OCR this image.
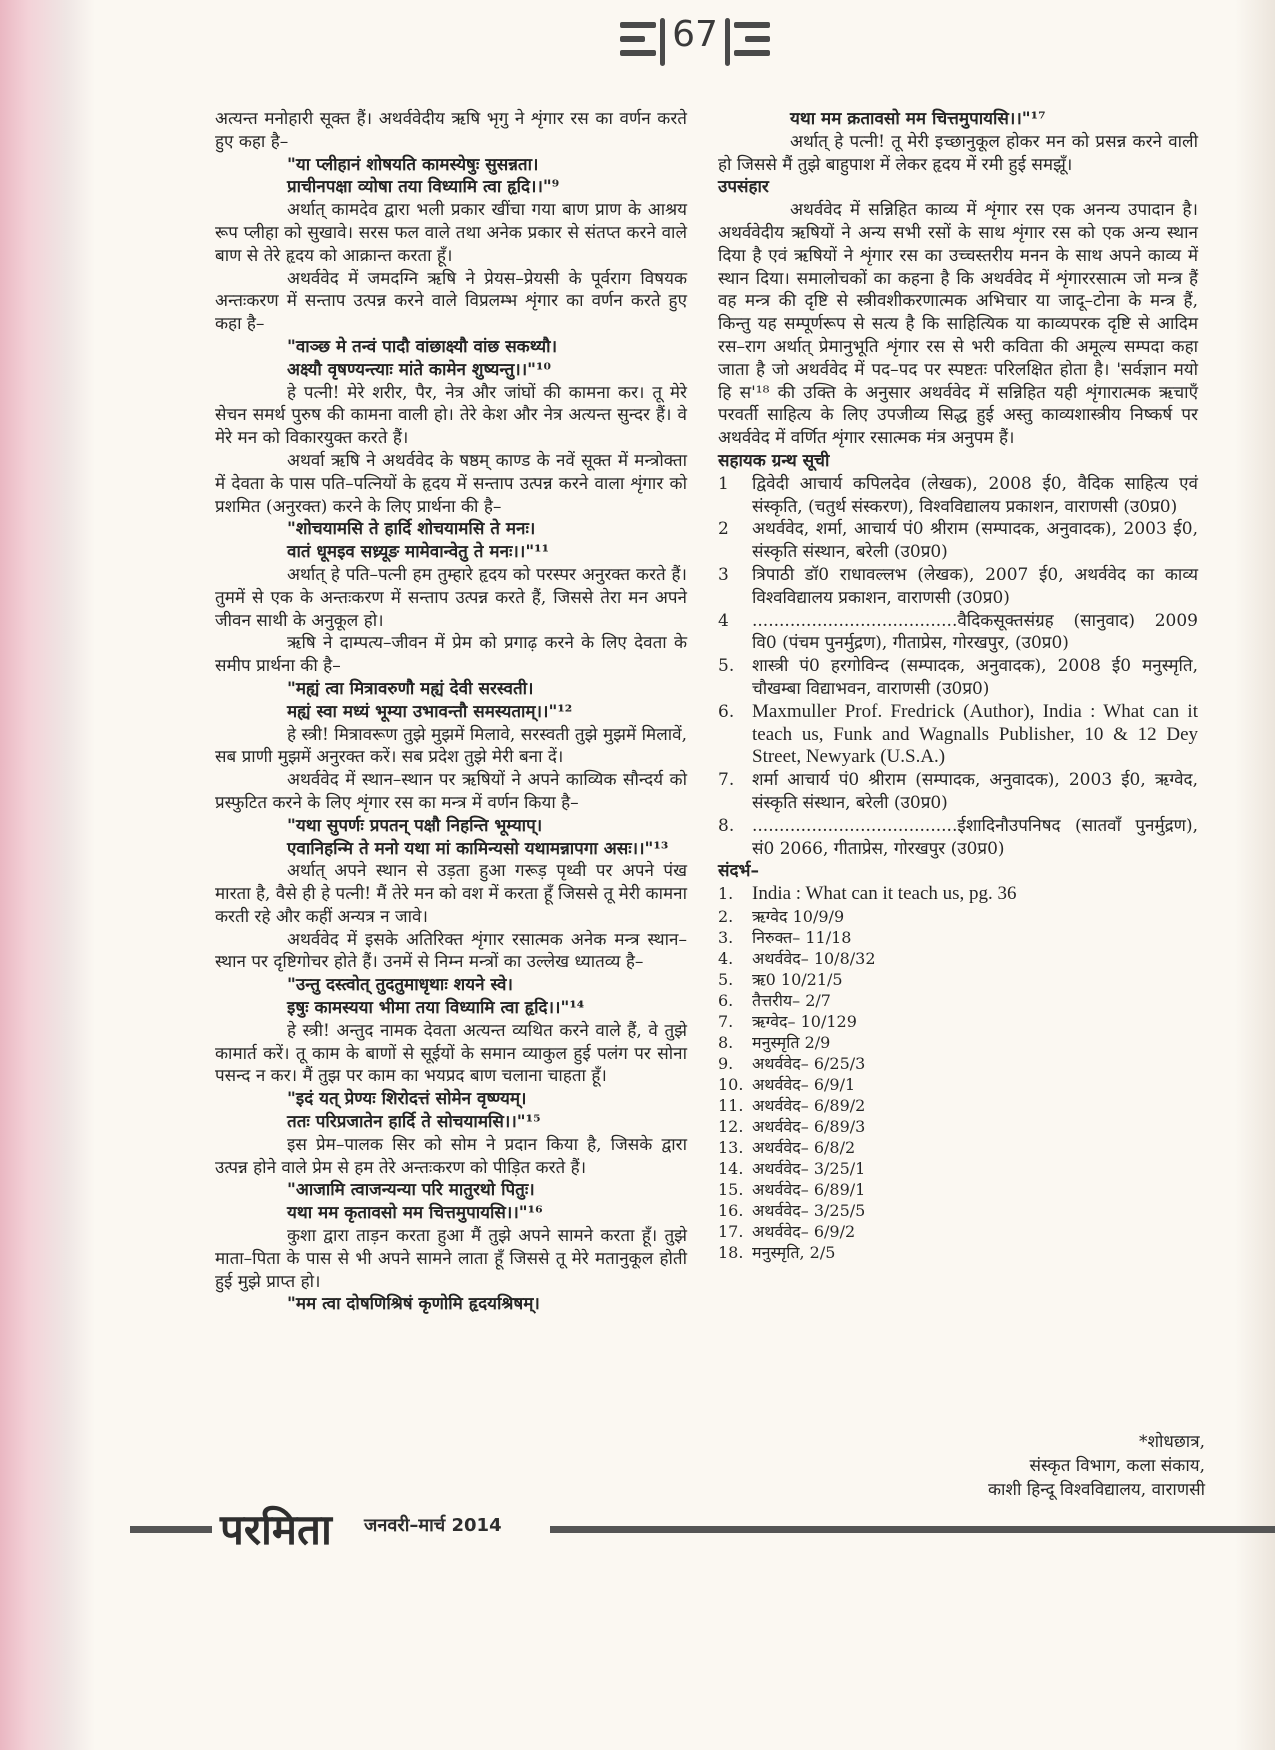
67

अत्यन्त मनोहारी सूक्त हैं। अथर्ववेदीय ऋषि भृगु ने शृंगार रस का वर्णन करते हुए कहा है–

"या प्लीहानं शोषयति कामस्येषुः सुसन्नता।

प्राचीनपक्षा व्योषा तया विध्यामि त्वा हृदि।।"⁹

अर्थात् कामदेव द्वारा भली प्रकार खींचा गया बाण प्राण के आश्रय रूप प्लीहा को सुखावे। सरस फल वाले तथा अनेक प्रकार से संतप्त करने वाले बाण से तेरे हृदय को आक्रान्त करता हूँ।

अथर्ववेद में जमदग्नि ऋषि ने प्रेयस–प्रेयसी के पूर्वराग विषयक अन्तःकरण में सन्ताप उत्पन्न करने वाले विप्रलम्भ शृंगार का वर्णन करते हुए कहा है–

"वाञ्छ मे तन्वं पादौ वांछाक्ष्यौ वांछ सकथ्यौ।

अक्ष्यौ वृषण्यन्त्याः मांते कामेन शुष्यन्तु।।"¹⁰

हे पत्नी! मेरे शरीर, पैर, नेत्र और जांघों की कामना कर। तू मेरे सेचन समर्थ पुरुष की कामना वाली हो। तेरे केश और नेत्र अत्यन्त सुन्दर हैं। वे मेरे मन को विकारयुक्त करते हैं।

अथर्वा ऋषि ने अथर्ववेद के षष्ठम् काण्ड के नवें सूक्त में मन्त्रोक्ता में देवता के पास पति–पत्नियों के हृदय में सन्ताप उत्पन्न करने वाला शृंगार को प्रशमित (अनुरक्त) करने के लिए प्रार्थना की है–

"शोचयामसि ते हार्दि शोचयामसि ते मनः।

वातं धूमइव सध्र्यूङ मामेवान्वेतु ते मनः।।"¹¹

अर्थात् हे पति–पत्नी हम तुम्हारे हृदय को परस्पर अनुरक्त करते हैं। तुममें से एक के अन्तःकरण में सन्ताप उत्पन्न करते हैं, जिससे तेरा मन अपने जीवन साथी के अनुकूल हो।

ऋषि ने दाम्पत्य–जीवन में प्रेम को प्रगाढ़ करने के लिए देवता के समीप प्रार्थना की है–

"मह्यं त्वा मित्रावरुणौ मह्यं देवी सरस्वती।

मह्यं स्वा मध्यं भूम्या उभावन्तौ समस्यताम्।।"¹²

हे स्त्री! मित्रावरूण तुझे मुझमें मिलावे, सरस्वती तुझे मुझमें मिलावें, सब प्राणी मुझमें अनुरक्त करें। सब प्रदेश तुझे मेरी बना दें।

अथर्ववेद में स्थान–स्थान पर ऋषियों ने अपने काव्यिक सौन्दर्य को प्रस्फुटित करने के लिए शृंगार रस का मन्त्र में वर्णन किया है–

"यथा सुपर्णः प्रपतन् पक्षौ निहन्ति भूम्याप्।

एवानिहन्मि ते मनो यथा मां कामिन्यसो यथामन्नापगा असः।।"¹³

अर्थात् अपने स्थान से उड़ता हुआ गरूड़ पृथ्वी पर अपने पंख मारता है, वैसे ही हे पत्नी! मैं तेरे मन को वश में करता हूँ जिससे तू मेरी कामना करती रहे और कहीं अन्यत्र न जावे।

अथर्ववेद में इसके अतिरिक्त शृंगार रसात्मक अनेक मन्त्र स्थान–स्थान पर दृष्टिगोचर होते हैं। उनमें से निम्न मन्त्रों का उल्लेख ध्यातव्य है–

"उन्तु दस्त्वोत् तुदतुमाधृथाः शयने स्वे।

इषुः कामस्यया भीमा तया विध्यामि त्वा हृदि।।"¹⁴

हे स्त्री! अन्तुद नामक देवता अत्यन्त व्यथित करने वाले हैं, वे तुझे कामार्त करें। तू काम के बाणों से सूईयों के समान व्याकुल हुई पलंग पर सोना पसन्द न कर। मैं तुझ पर काम का भयप्रद बाण चलाना चाहता हूँ।

"इदं यत् प्रेण्यः शिरोदत्तं सोमेन वृष्ण्यम्।

ततः परिप्रजातेन हार्दि ते सोचयामसि।।"¹⁵

इस प्रेम–पालक सिर को सोम ने प्रदान किया है, जिसके द्वारा उत्पन्न होने वाले प्रेम से हम तेरे अन्तःकरण को पीड़ित करते हैं।

"आजामि त्वाजन्यन्या परि मातुरथो पितुः।

यथा मम कृतावसो मम चित्तमुपायसि।।"¹⁶

कुशा द्वारा ताड़न करता हुआ मैं तुझे अपने सामने करता हूँ। तुझे माता–पिता के पास से भी अपने सामने लाता हूँ जिससे तू मेरे मतानुकूल होती हुई मुझे प्राप्त हो।

"मम त्वा दोषणिश्रिषं कृणोमि हृदयश्रिषम्।

यथा मम क्रतावसो मम चित्तमुपायसि।।"¹⁷

अर्थात् हे पत्नी! तू मेरी इच्छानुकूल होकर मन को प्रसन्न करने वाली हो जिससे मैं तुझे बाहुपाश में लेकर हृदय में रमी हुई समझूँ।

उपसंहार

अथर्ववेद में सन्निहित काव्य में शृंगार रस एक अनन्य उपादान है। अथर्ववेदीय ऋषियों ने अन्य सभी रसों के साथ शृंगार रस को एक अन्य स्थान दिया है एवं ऋषियों ने शृंगार रस का उच्चस्तरीय मनन के साथ अपने काव्य में स्थान दिया। समालोचकों का कहना है कि अथर्ववेद में शृंगाररसात्म जो मन्त्र हैं वह मन्त्र की दृष्टि से स्त्रीवशीकरणात्मक अभिचार या जादू–टोना के मन्त्र हैं, किन्तु यह सम्पूर्णरूप से सत्य है कि साहित्यिक या काव्यपरक दृष्टि से आदिम रस–राग अर्थात् प्रेमानुभूति शृंगार रस से भरी कविता की अमूल्य सम्पदा कहा जाता है जो अथर्ववेद में पद–पद पर स्पष्टतः परिलक्षित होता है। 'सर्वज्ञान मयो हि स'¹⁸ की उक्ति के अनुसार अथर्ववेद में सन्निहित यही शृंगारात्मक ऋचाएँ परवर्ती साहित्य के लिए उपजीव्य सिद्ध हुई अस्तु काव्यशास्त्रीय निष्कर्ष पर अथर्ववेद में वर्णित शृंगार रसात्मक मंत्र अनुपम हैं।

सहायक ग्रन्थ सूची

1	द्विवेदी आचार्य कपिलदेव (लेखक), 2008 ई0, वैदिक साहित्य एवं संस्कृति, (चतुर्थ संस्करण), विश्वविद्यालय प्रकाशन, वाराणसी (उ0प्र0)
2	अथर्ववेद, शर्मा, आचार्य पं0 श्रीराम (सम्पादक, अनुवादक), 2003 ई0, संस्कृति संस्थान, बरेली (उ0प्र0)
3	त्रिपाठी डॉ0 राधावल्लभ (लेखक), 2007 ई0, अथर्ववेद का काव्य विश्वविद्यालय प्रकाशन, वाराणसी (उ0प्र0)
4	......................................वैदिकसूक्तसंग्रह (सानुवाद) 2009 वि0 (पंचम पुनर्मुद्रण), गीताप्रेस, गोरखपुर, (उ0प्र0)
5.	शास्त्री पं0 हरगोविन्द (सम्पादक, अनुवादक), 2008 ई0 मनुस्मृति, चौखम्बा विद्याभवन, वाराणसी (उ0प्र0)
6. Maxmuller Prof. Fredrick (Author), India : What can it teach us, Funk and Wagnalls Publisher, 10 & 12 Dey Street, Newyark (U.S.A.)
7.	शर्मा आचार्य पं0 श्रीराम (सम्पादक, अनुवादक), 2003 ई0, ऋग्वेद, संस्कृति संस्थान, बरेली (उ0प्र0)
8.	......................................ईशादिनौउपनिषद (सातवाँ पुनर्मुद्रण), सं0 2066, गीताप्रेस, गोरखपुर (उ0प्र0)

संदर्भ–

1. India : What can it teach us, pg. 36
2.	ऋग्वेद 10/9/9
3.	निरुक्त– 11/18
4.	अथर्ववेद– 10/8/32
5.	ऋ0 10/21/5
6.	तैत्तरीय– 2/7
7.	ऋग्वेद– 10/129
8.	मनुस्मृति 2/9
9.	अथर्ववेद– 6/25/3
10. अथर्ववेद– 6/9/1
11. अथर्ववेद– 6/89/2
12. अथर्ववेद– 6/89/3
13. अथर्ववेद– 6/8/2
14. अथर्ववेद– 3/25/1
15. अथर्ववेद– 6/89/1
16. अथर्ववेद– 3/25/5
17. अथर्ववेद– 6/9/2
18. मनुस्मृति, 2/5
*शोधछात्र,
संस्कृत विभाग, कला संकाय,
काशी हिन्दू विश्वविद्यालय, वाराणसी
परमिता जनवरी–मार्च 2014
